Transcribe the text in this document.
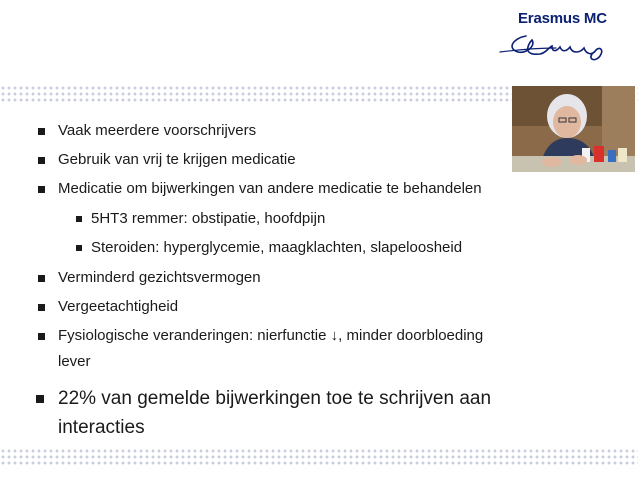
Erasmus MC
Vaak meerdere voorschrijvers
Gebruik van vrij te krijgen medicatie
Medicatie om bijwerkingen van andere medicatie te behandelen
5HT3 remmer: obstipatie, hoofdpijn
Steroiden: hyperglycemie, maagklachten, slapeloosheid
Verminderd gezichtsvermogen
Vergeetachtigheid
Fysiologische veranderingen: nierfunctie ↓, minder doorbloeding
lever
22% van gemelde bijwerkingen toe te schrijven aan
interacties
